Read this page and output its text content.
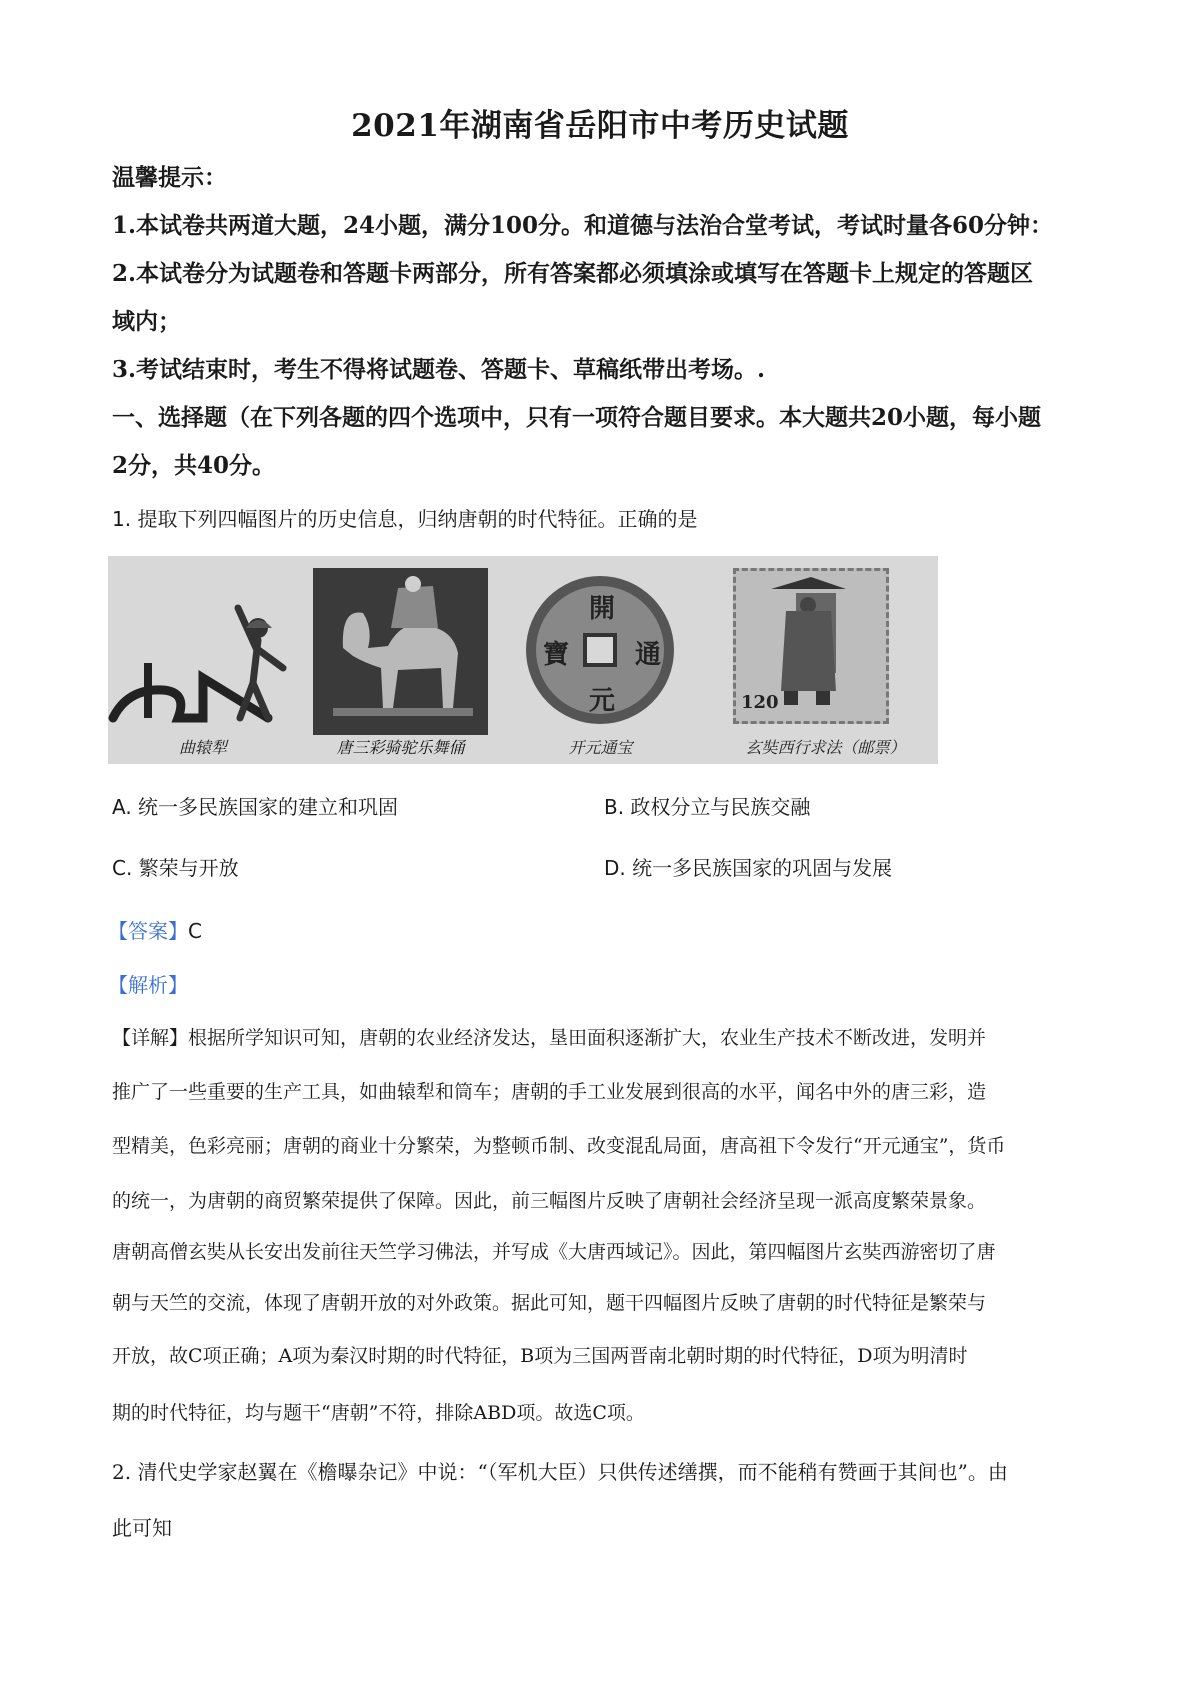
2021年湖南省岳阳市中考历史试题
温馨提示：
1.本试卷共两道大题，24小题，满分100分。和道德与法治合堂考试，考试时量各60分钟：
2.本试卷分为试题卷和答题卡两部分，所有答案都必须填涂或填写在答题卡上规定的答题区
域内；
3.考试结束时，考生不得将试题卷、答题卡、草稿纸带出考场。.
一、选择题（在下列各题的四个选项中，只有一项符合题目要求。本大题共20小题，每小题
2分，共40分。
1. 提取下列四幅图片的历史信息，归纳唐朝的时代特征。正确的是
曲辕犁	唐三彩骑驼乐舞俑
開
元
通
寶
开元通宝
120
玄奘西行求法（邮票）
A. 统一多民族国家的建立和巩固	B. 政权分立与民族交融
C. 繁荣与开放	D. 统一多民族国家的巩固与发展
【答案】C
【解析】
【详解】根据所学知识可知，唐朝的农业经济发达，垦田面积逐渐扩大，农业生产技术不断改进，发明并
推广了一些重要的生产工具，如曲辕犁和筒车；唐朝的手工业发展到很高的水平，闻名中外的唐三彩，造
型精美，色彩亮丽；唐朝的商业十分繁荣，为整顿币制、改变混乱局面，唐高祖下令发行“开元通宝”，货币
的统一，为唐朝的商贸繁荣提供了保障。因此，前三幅图片反映了唐朝社会经济呈现一派高度繁荣景象。
唐朝高僧玄奘从长安出发前往天竺学习佛法，并写成《大唐西域记》。因此，第四幅图片玄奘西游密切了唐
朝与天竺的交流，体现了唐朝开放的对外政策。据此可知，题干四幅图片反映了唐朝的时代特征是繁荣与
开放，故C项正确；A项为秦汉时期的时代特征，B项为三国两晋南北朝时期的时代特征，D项为明清时
期的时代特征，均与题干“唐朝”不符，排除ABD项。故选C项。
2. 清代史学家赵翼在《檐曝杂记》中说：“（军机大臣）只供传述缮撰，而不能稍有赞画于其间也”。由
此可知
